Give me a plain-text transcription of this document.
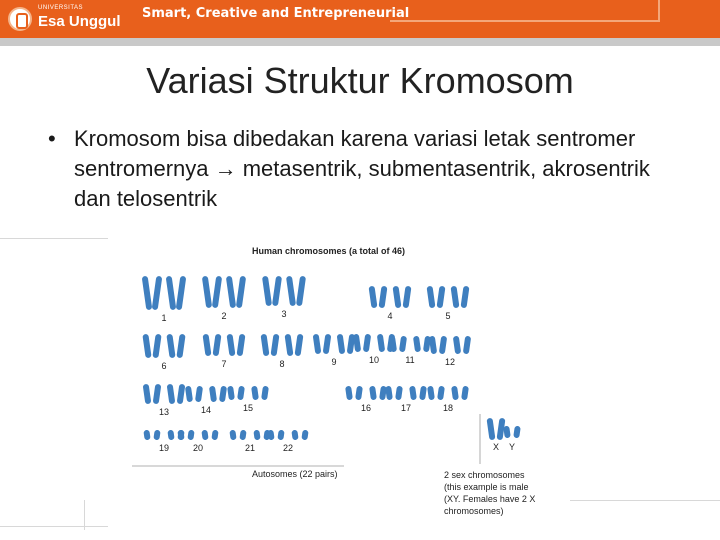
UNIVERSITAS
Esa Unggul Smart, Creative and Entrepreneurial
Variasi Struktur Kromosom
• Kromosom bisa dibedakan karena variasi letak sentromer sentromernya → metasentrik, submentasentrik, akrosentrik dan telosentrik
Human chromosomes (a total of 46)
Autosomes (22 pairs)	2 sex chromosomes
(this example is male
(XY. Females have 2 X
chromosomes)
1	2	3	4	5
6	7	8	9	10	11	12
13	14	15	16	17	18
19	20	21	22	X Y
